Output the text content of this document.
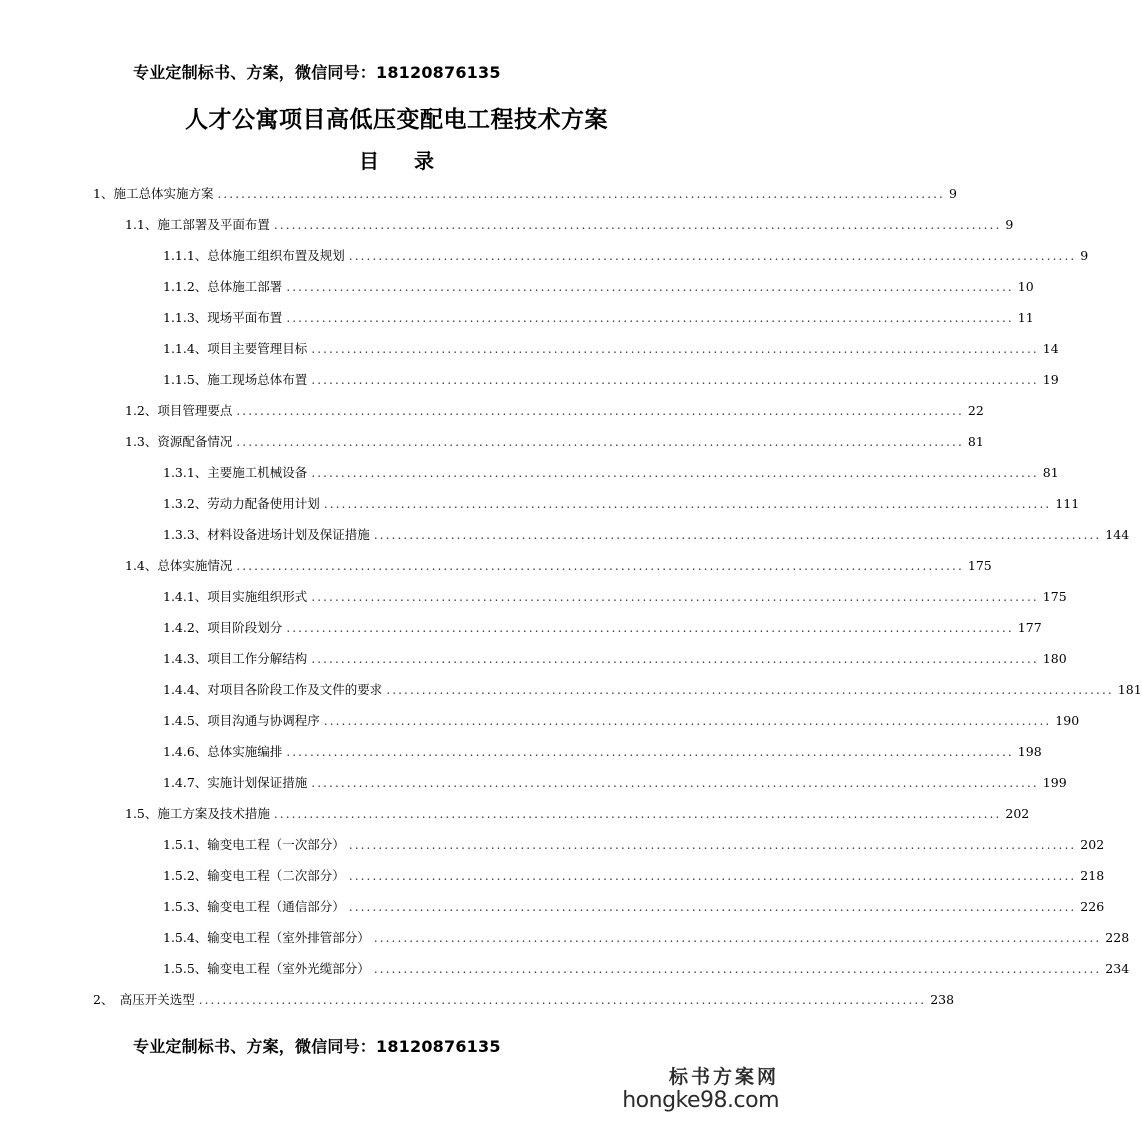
专业定制标书、方案，微信同号：18120876135
人才公寓项目高低压变配电工程技术方案
目 录
1、施工总体实施方案 ........................................................................................................................... 9
1.1、施工部署及平面布置 ........................................................................................................................... 9
1.1.1、总体施工组织布置及规划 ........................................................................................................................... 9
1.1.2、总体施工部署 ........................................................................................................................... 10
1.1.3、现场平面布置 ........................................................................................................................... 11
1.1.4、项目主要管理目标 ........................................................................................................................... 14
1.1.5、施工现场总体布置 ........................................................................................................................... 19
1.2、项目管理要点 ........................................................................................................................... 22
1.3、资源配备情况 ........................................................................................................................... 81
1.3.1、主要施工机械设备 ........................................................................................................................... 81
1.3.2、劳动力配备使用计划 ........................................................................................................................... 111
1.3.3、材料设备进场计划及保证措施 ........................................................................................................................... 144
1.4、总体实施情况 ........................................................................................................................... 175
1.4.1、项目实施组织形式 ........................................................................................................................... 175
1.4.2、项目阶段划分 ........................................................................................................................... 177
1.4.3、项目工作分解结构 ........................................................................................................................... 180
1.4.4、对项目各阶段工作及文件的要求 ........................................................................................................................... 181
1.4.5、项目沟通与协调程序 ........................................................................................................................... 190
1.4.6、总体实施编排 ........................................................................................................................... 198
1.4.7、实施计划保证措施 ........................................................................................................................... 199
1.5、施工方案及技术措施 ........................................................................................................................... 202
1.5.1、输变电工程（一次部分） ........................................................................................................................... 202
1.5.2、输变电工程（二次部分） ........................................................................................................................... 218
1.5.3、输变电工程（通信部分） ........................................................................................................................... 226
1.5.4、输变电工程（室外排管部分） ........................................................................................................................... 228
1.5.5、输变电工程（室外光缆部分） ........................................................................................................................... 234
2、　高压开关选型 ........................................................................................................................... 238
专业定制标书、方案，微信同号：18120876135
标书方案网
hongke98.com
